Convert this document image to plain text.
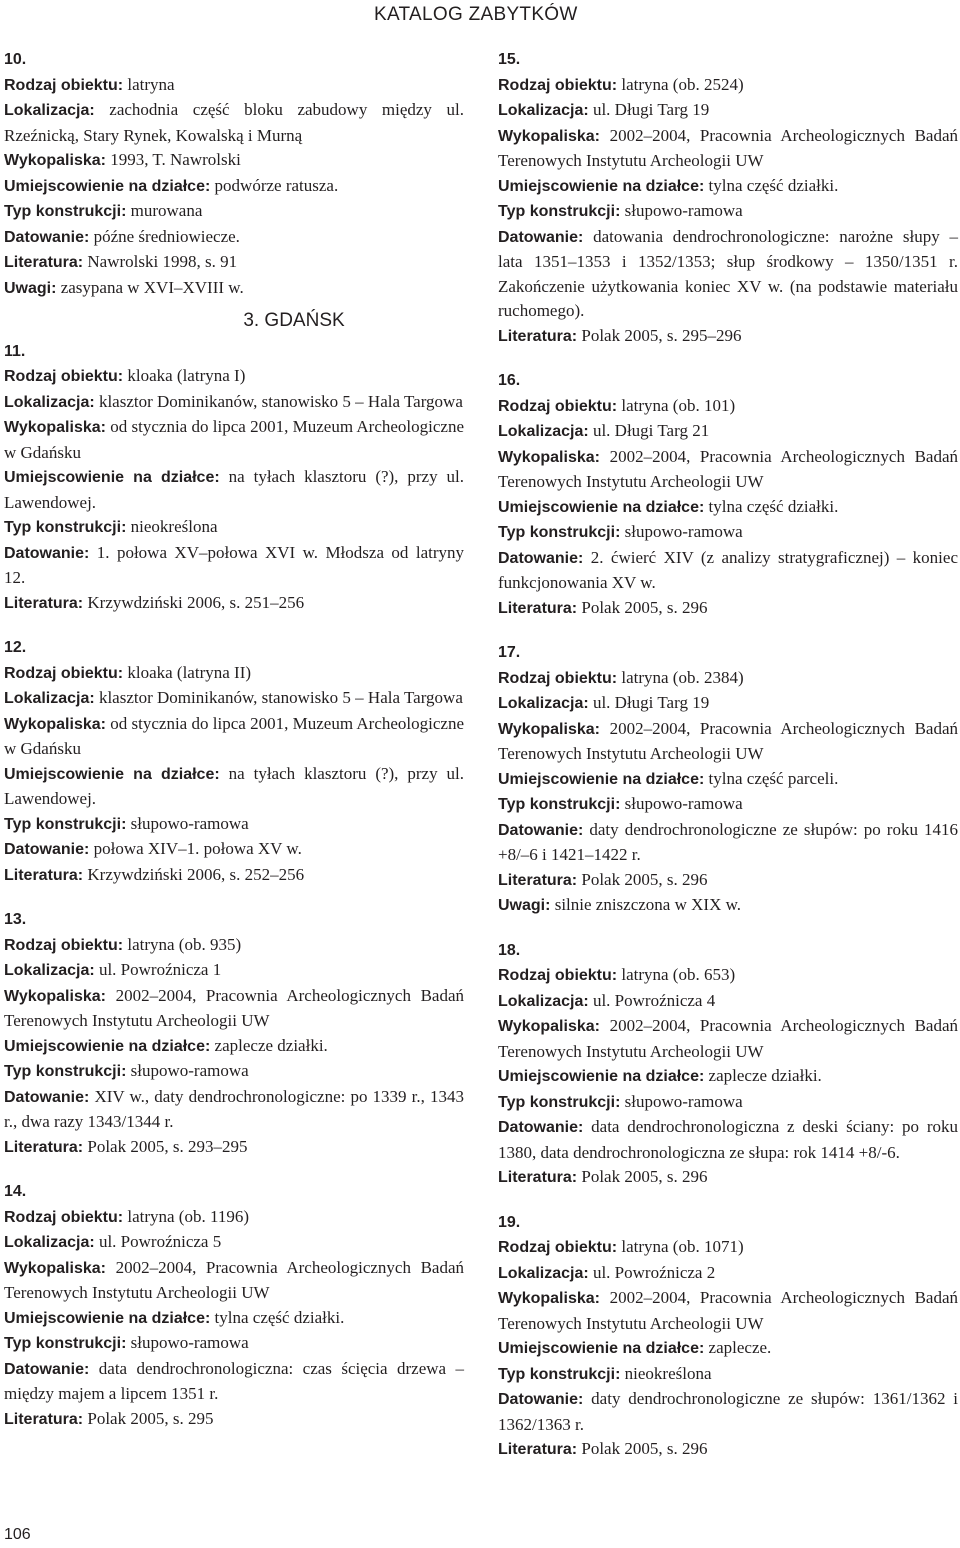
KATALOG ZABYTKÓW
10.
Rodzaj obiektu: latryna
Lokalizacja: zachodnia część bloku zabudowy między ul. Rzeźnicką, Stary Rynek, Kowalską i Murną
Wykopaliska: 1993, T. Nawrolski
Umiejscowienie na działce: podwórze ratusza.
Typ konstrukcji: murowana
Datowanie: późne średniowiecze.
Literatura: Nawrolski 1998, s. 91
Uwagi: zasypana w XVI–XVIII w.
3. GDAŃSK
11.
Rodzaj obiektu: kloaka (latryna I)
Lokalizacja: klasztor Dominikanów, stanowisko 5 – Hala Targowa
Wykopaliska: od stycznia do lipca 2001, Muzeum Archeologiczne w Gdańsku
Umiejscowienie na działce: na tyłach klasztoru (?), przy ul. Lawendowej.
Typ konstrukcji: nieokreślona
Datowanie: 1. połowa XV–połowa XVI w. Młodsza od latryny 12.
Literatura: Krzywdziński 2006, s. 251–256
12.
Rodzaj obiektu: kloaka (latryna II)
Lokalizacja: klasztor Dominikanów, stanowisko 5 – Hala Targowa
Wykopaliska: od stycznia do lipca 2001, Muzeum Archeologiczne w Gdańsku
Umiejscowienie na działce: na tyłach klasztoru (?), przy ul. Lawendowej.
Typ konstrukcji: słupowo-ramowa
Datowanie: połowa XIV–1. połowa XV w.
Literatura: Krzywdziński 2006, s. 252–256
13.
Rodzaj obiektu: latryna (ob. 935)
Lokalizacja: ul. Powroźnicza 1
Wykopaliska: 2002–2004, Pracownia Archeologicznych Badań Terenowych Instytutu Archeologii UW
Umiejscowienie na działce: zaplecze działki.
Typ konstrukcji: słupowo-ramowa
Datowanie: XIV w., daty dendrochronologiczne: po 1339 r., 1343 r., dwa razy 1343/1344 r.
Literatura: Polak 2005, s. 293–295
14.
Rodzaj obiektu: latryna (ob. 1196)
Lokalizacja: ul. Powroźnicza 5
Wykopaliska: 2002–2004, Pracownia Archeologicznych Badań Terenowych Instytutu Archeologii UW
Umiejscowienie na działce: tylna część działki.
Typ konstrukcji: słupowo-ramowa
Datowanie: data dendrochronologiczna: czas ścięcia drzewa – między majem a lipcem 1351 r.
Literatura: Polak 2005, s. 295
15.
Rodzaj obiektu: latryna (ob. 2524)
Lokalizacja: ul. Długi Targ 19
Wykopaliska: 2002–2004, Pracownia Archeologicznych Badań Terenowych Instytutu Archeologii UW
Umiejscowienie na działce: tylna część działki.
Typ konstrukcji: słupowo-ramowa
Datowanie: datowania dendrochronologiczne: narożne słupy – lata 1351–1353 i 1352/1353; słup środkowy – 1350/1351 r. Zakończenie użytkowania koniec XV w. (na podstawie materiału ruchomego).
Literatura: Polak 2005, s. 295–296
16.
Rodzaj obiektu: latryna (ob. 101)
Lokalizacja: ul. Długi Targ 21
Wykopaliska: 2002–2004, Pracownia Archeologicznych Badań Terenowych Instytutu Archeologii UW
Umiejscowienie na działce: tylna część działki.
Typ konstrukcji: słupowo-ramowa
Datowanie: 2. ćwierć XIV (z analizy stratygraficznej) – koniec funkcjonowania XV w.
Literatura: Polak 2005, s. 296
17.
Rodzaj obiektu: latryna (ob. 2384)
Lokalizacja: ul. Długi Targ 19
Wykopaliska: 2002–2004, Pracownia Archeologicznych Badań Terenowych Instytutu Archeologii UW
Umiejscowienie na działce: tylna część parceli.
Typ konstrukcji: słupowo-ramowa
Datowanie: daty dendrochronologiczne ze słupów: po roku 1416 +8/–6 i 1421–1422 r.
Literatura: Polak 2005, s. 296
Uwagi: silnie zniszczona w XIX w.
18.
Rodzaj obiektu: latryna (ob. 653)
Lokalizacja: ul. Powroźnicza 4
Wykopaliska: 2002–2004, Pracownia Archeologicznych Badań Terenowych Instytutu Archeologii UW
Umiejscowienie na działce: zaplecze działki.
Typ konstrukcji: słupowo-ramowa
Datowanie: data dendrochronologiczna z deski ściany: po roku 1380, data dendrochronologiczna ze słupa: rok 1414 +8/-6.
Literatura: Polak 2005, s. 296
19.
Rodzaj obiektu: latryna (ob. 1071)
Lokalizacja: ul. Powroźnicza 2
Wykopaliska: 2002–2004, Pracownia Archeologicznych Badań Terenowych Instytutu Archeologii UW
Umiejscowienie na działce: zaplecze.
Typ konstrukcji: nieokreślona
Datowanie: daty dendrochronologiczne ze słupów: 1361/1362 i 1362/1363 r.
Literatura: Polak 2005, s. 296
106
